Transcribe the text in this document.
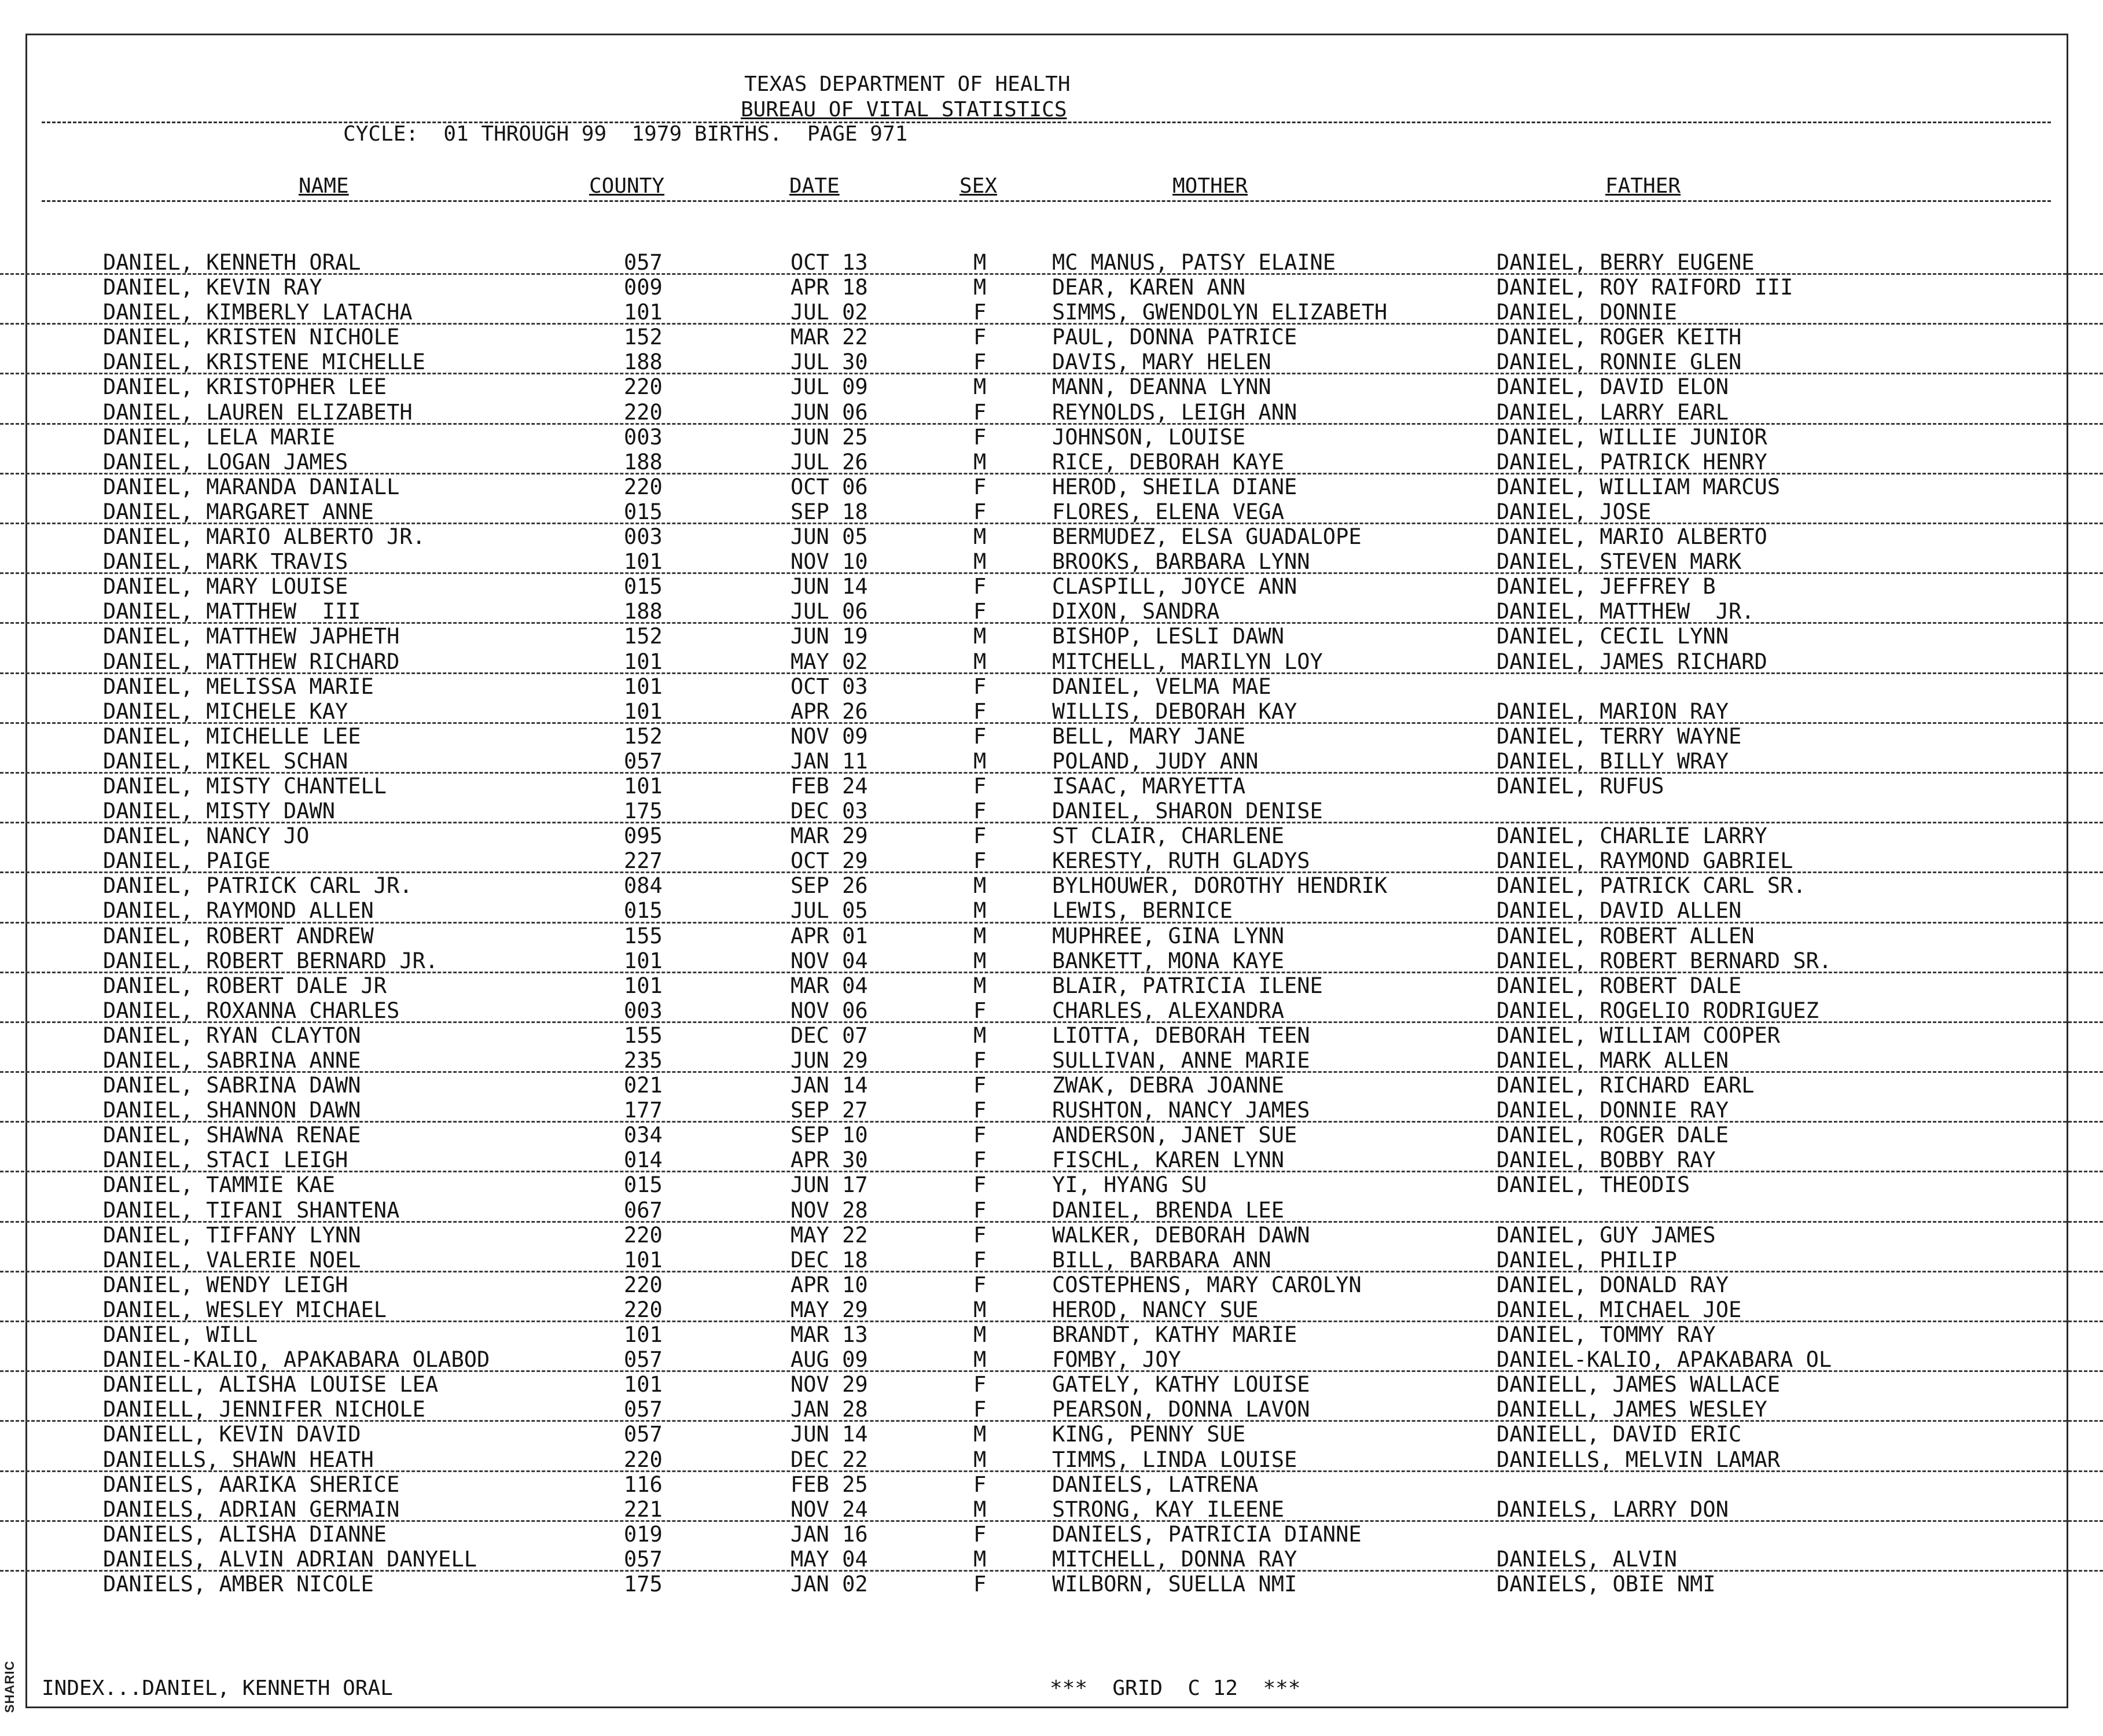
SHARIC
TEXAS DEPARTMENT OF HEALTH
BUREAU OF VITAL STATISTICS
CYCLE:  01 THROUGH 99  1979 BIRTHS.  PAGE 971
NAME	COUNTY	DATE	SEX	MOTHER	FATHER
DANIEL, KENNETH ORAL	057	OCT 13	M	MC MANUS, PATSY ELAINE	DANIEL, BERRY EUGENE
DANIEL, KEVIN RAY	009	APR 18	M	DEAR, KAREN ANN	DANIEL, ROY RAIFORD III
DANIEL, KIMBERLY LATACHA	101	JUL 02	F	SIMMS, GWENDOLYN ELIZABETH	DANIEL, DONNIE
DANIEL, KRISTEN NICHOLE	152	MAR 22	F	PAUL, DONNA PATRICE	DANIEL, ROGER KEITH
DANIEL, KRISTENE MICHELLE	188	JUL 30	F	DAVIS, MARY HELEN	DANIEL, RONNIE GLEN
DANIEL, KRISTOPHER LEE	220	JUL 09	M	MANN, DEANNA LYNN	DANIEL, DAVID ELON
DANIEL, LAUREN ELIZABETH	220	JUN 06	F	REYNOLDS, LEIGH ANN	DANIEL, LARRY EARL
DANIEL, LELA MARIE	003	JUN 25	F	JOHNSON, LOUISE	DANIEL, WILLIE JUNIOR
DANIEL, LOGAN JAMES	188	JUL 26	M	RICE, DEBORAH KAYE	DANIEL, PATRICK HENRY
DANIEL, MARANDA DANIALL	220	OCT 06	F	HEROD, SHEILA DIANE	DANIEL, WILLIAM MARCUS
DANIEL, MARGARET ANNE	015	SEP 18	F	FLORES, ELENA VEGA	DANIEL, JOSE
DANIEL, MARIO ALBERTO JR.	003	JUN 05	M	BERMUDEZ, ELSA GUADALOPE	DANIEL, MARIO ALBERTO
DANIEL, MARK TRAVIS	101	NOV 10	M	BROOKS, BARBARA LYNN	DANIEL, STEVEN MARK
DANIEL, MARY LOUISE	015	JUN 14	F	CLASPILL, JOYCE ANN	DANIEL, JEFFREY B
DANIEL, MATTHEW  III	188	JUL 06	F	DIXON, SANDRA	DANIEL, MATTHEW  JR.
DANIEL, MATTHEW JAPHETH	152	JUN 19	M	BISHOP, LESLI DAWN	DANIEL, CECIL LYNN
DANIEL, MATTHEW RICHARD	101	MAY 02	M	MITCHELL, MARILYN LOY	DANIEL, JAMES RICHARD
DANIEL, MELISSA MARIE	101	OCT 03	F	DANIEL, VELMA MAE
DANIEL, MICHELE KAY	101	APR 26	F	WILLIS, DEBORAH KAY	DANIEL, MARION RAY
DANIEL, MICHELLE LEE	152	NOV 09	F	BELL, MARY JANE	DANIEL, TERRY WAYNE
DANIEL, MIKEL SCHAN	057	JAN 11	M	POLAND, JUDY ANN	DANIEL, BILLY WRAY
DANIEL, MISTY CHANTELL	101	FEB 24	F	ISAAC, MARYETTA	DANIEL, RUFUS
DANIEL, MISTY DAWN	175	DEC 03	F	DANIEL, SHARON DENISE
DANIEL, NANCY JO	095	MAR 29	F	ST CLAIR, CHARLENE	DANIEL, CHARLIE LARRY
DANIEL, PAIGE	227	OCT 29	F	KERESTY, RUTH GLADYS	DANIEL, RAYMOND GABRIEL
DANIEL, PATRICK CARL JR.	084	SEP 26	M	BYLHOUWER, DOROTHY HENDRIK	DANIEL, PATRICK CARL SR.
DANIEL, RAYMOND ALLEN	015	JUL 05	M	LEWIS, BERNICE	DANIEL, DAVID ALLEN
DANIEL, ROBERT ANDREW	155	APR 01	M	MUPHREE, GINA LYNN	DANIEL, ROBERT ALLEN
DANIEL, ROBERT BERNARD JR.	101	NOV 04	M	BANKETT, MONA KAYE	DANIEL, ROBERT BERNARD SR.
DANIEL, ROBERT DALE JR	101	MAR 04	M	BLAIR, PATRICIA ILENE	DANIEL, ROBERT DALE
DANIEL, ROXANNA CHARLES	003	NOV 06	F	CHARLES, ALEXANDRA	DANIEL, ROGELIO RODRIGUEZ
DANIEL, RYAN CLAYTON	155	DEC 07	M	LIOTTA, DEBORAH TEEN	DANIEL, WILLIAM COOPER
DANIEL, SABRINA ANNE	235	JUN 29	F	SULLIVAN, ANNE MARIE	DANIEL, MARK ALLEN
DANIEL, SABRINA DAWN	021	JAN 14	F	ZWAK, DEBRA JOANNE	DANIEL, RICHARD EARL
DANIEL, SHANNON DAWN	177	SEP 27	F	RUSHTON, NANCY JAMES	DANIEL, DONNIE RAY
DANIEL, SHAWNA RENAE	034	SEP 10	F	ANDERSON, JANET SUE	DANIEL, ROGER DALE
DANIEL, STACI LEIGH	014	APR 30	F	FISCHL, KAREN LYNN	DANIEL, BOBBY RAY
DANIEL, TAMMIE KAE	015	JUN 17	F	YI, HYANG SU	DANIEL, THEODIS
DANIEL, TIFANI SHANTENA	067	NOV 28	F	DANIEL, BRENDA LEE
DANIEL, TIFFANY LYNN	220	MAY 22	F	WALKER, DEBORAH DAWN	DANIEL, GUY JAMES
DANIEL, VALERIE NOEL	101	DEC 18	F	BILL, BARBARA ANN	DANIEL, PHILIP
DANIEL, WENDY LEIGH	220	APR 10	F	COSTEPHENS, MARY CAROLYN	DANIEL, DONALD RAY
DANIEL, WESLEY MICHAEL	220	MAY 29	M	HEROD, NANCY SUE	DANIEL, MICHAEL JOE
DANIEL, WILL	101	MAR 13	M	BRANDT, KATHY MARIE	DANIEL, TOMMY RAY
DANIEL-KALIO, APAKABARA OLABOD	057	AUG 09	M	FOMBY, JOY	DANIEL-KALIO, APAKABARA OL
DANIELL, ALISHA LOUISE LEA	101	NOV 29	F	GATELY, KATHY LOUISE	DANIELL, JAMES WALLACE
DANIELL, JENNIFER NICHOLE	057	JAN 28	F	PEARSON, DONNA LAVON	DANIELL, JAMES WESLEY
DANIELL, KEVIN DAVID	057	JUN 14	M	KING, PENNY SUE	DANIELL, DAVID ERIC
DANIELLS, SHAWN HEATH	220	DEC 22	M	TIMMS, LINDA LOUISE	DANIELLS, MELVIN LAMAR
DANIELS, AARIKA SHERICE	116	FEB 25	F	DANIELS, LATRENA
DANIELS, ADRIAN GERMAIN	221	NOV 24	M	STRONG, KAY ILEENE	DANIELS, LARRY DON
DANIELS, ALISHA DIANNE	019	JAN 16	F	DANIELS, PATRICIA DIANNE
DANIELS, ALVIN ADRIAN DANYELL	057	MAY 04	M	MITCHELL, DONNA RAY	DANIELS, ALVIN
DANIELS, AMBER NICOLE	175	JAN 02	F	WILBORN, SUELLA NMI	DANIELS, OBIE NMI
INDEX...DANIEL, KENNETH ORAL	***  GRID  C 12  ***
